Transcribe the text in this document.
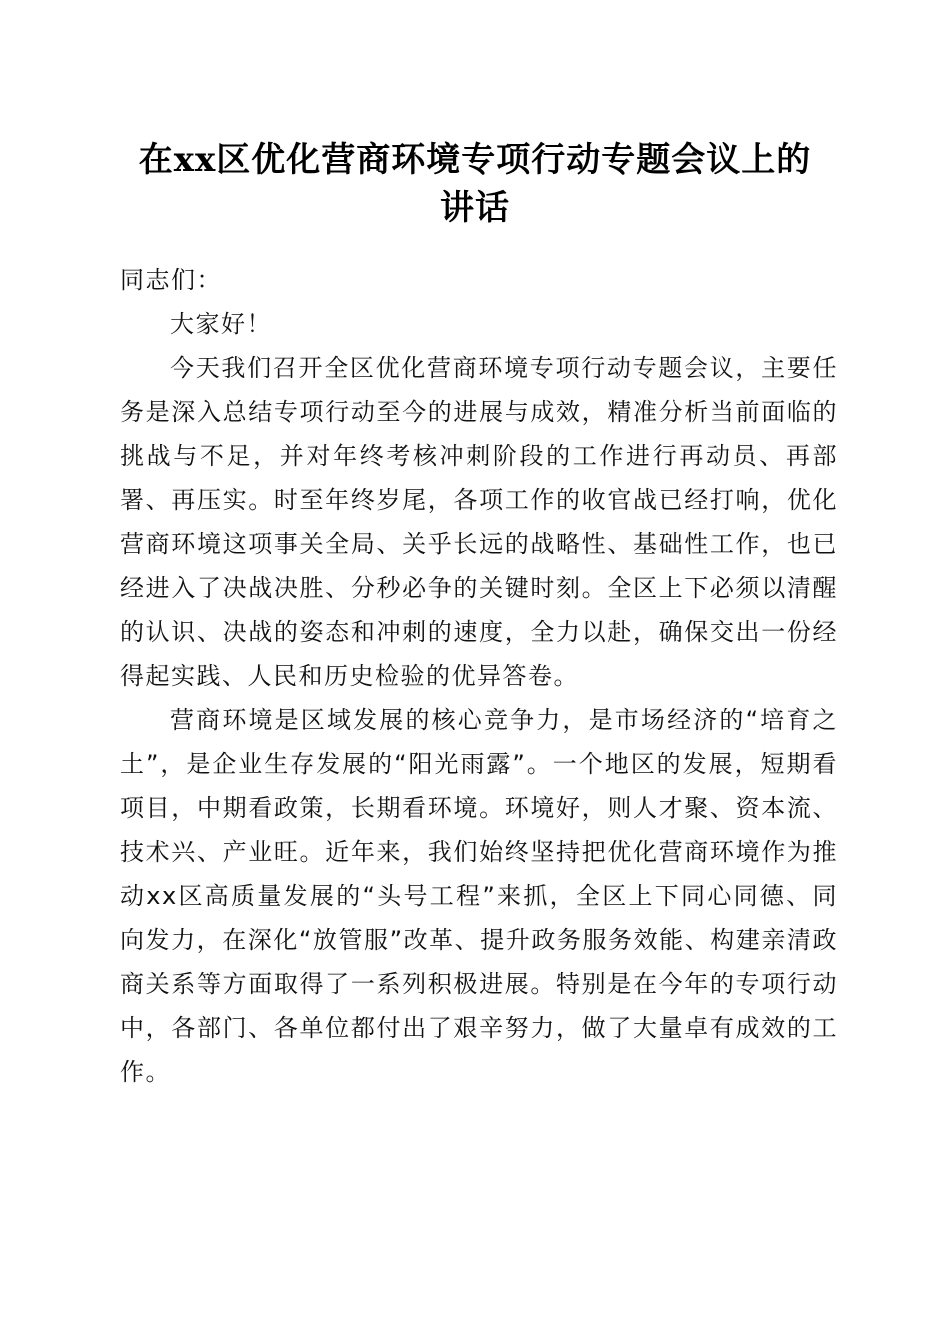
在xx区优化营商环境专项行动专题会议上的
讲话

同志们：

大家好！

今天我们召开全区优化营商环境专项行动专题会议，主要任务是深入总结专项行动至今的进展与成效，精准分析当前面临的挑战与不足，并对年终考核冲刺阶段的工作进行再动员、再部署、再压实。时至年终岁尾，各项工作的收官战已经打响，优化营商环境这项事关全局、关乎长远的战略性、基础性工作，也已经进入了决战决胜、分秒必争的关键时刻。全区上下必须以清醒的认识、决战的姿态和冲刺的速度，全力以赴，确保交出一份经得起实践、人民和历史检验的优异答卷。

营商环境是区域发展的核心竞争力，是市场经济的“培育之土”，是企业生存发展的“阳光雨露”。一个地区的发展，短期看项目，中期看政策，长期看环境。环境好，则人才聚、资本流、技术兴、产业旺。近年来，我们始终坚持把优化营商环境作为推动xx区高质量发展的“头号工程”来抓，全区上下同心同德、同向发力，在深化“放管服”改革、提升政务服务效能、构建亲清政商关系等方面取得了一系列积极进展。特别是在今年的专项行动中，各部门、各单位都付出了艰辛努力，做了大量卓有成效的工作。
